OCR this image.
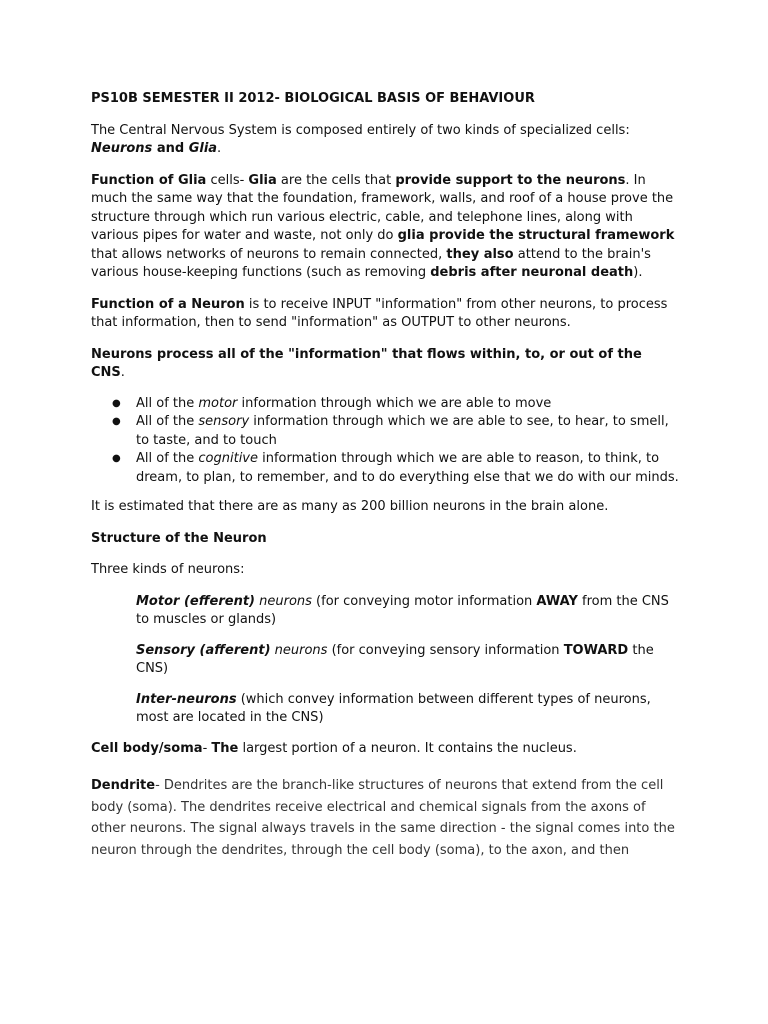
PS10B SEMESTER II 2012- BIOLOGICAL BASIS OF BEHAVIOUR

The Central Nervous System is composed entirely of two kinds of specialized cells: Neurons and Glia.

Function of Glia cells- Glia are the cells that provide support to the neurons. In much the same way that the foundation, framework, walls, and roof of a house prove the structure through which run various electric, cable, and telephone lines, along with various pipes for water and waste, not only do glia provide the structural framework that allows networks of neurons to remain connected, they also attend to the brain's various house-keeping functions (such as removing debris after neuronal death).

Function of a Neuron is to receive INPUT "information" from other neurons, to process that information, then to send "information" as OUTPUT to other neurons.

Neurons process all of the "information" that flows within, to, or out of the CNS.

● All of the motor information through which we are able to move
● All of the sensory information through which we are able to see, to hear, to smell, to taste, and to touch
● All of the cognitive information through which we are able to reason, to think, to dream, to plan, to remember, and to do everything else that we do with our minds.

It is estimated that there are as many as 200 billion neurons in the brain alone.

Structure of the Neuron

Three kinds of neurons:

Motor (efferent) neurons (for conveying motor information AWAY from the CNS to muscles or glands)

Sensory (afferent) neurons (for conveying sensory information TOWARD the CNS)

Inter-neurons (which convey information between different types of neurons, most are located in the CNS)

Cell body/soma- The largest portion of a neuron. It contains the nucleus.

Dendrite- Dendrites are the branch-like structures of neurons that extend from the cell body (soma). The dendrites receive electrical and chemical signals from the axons of other neurons. The signal always travels in the same direction - the signal comes into the neuron through the dendrites, through the cell body (soma), to the axon, and then
